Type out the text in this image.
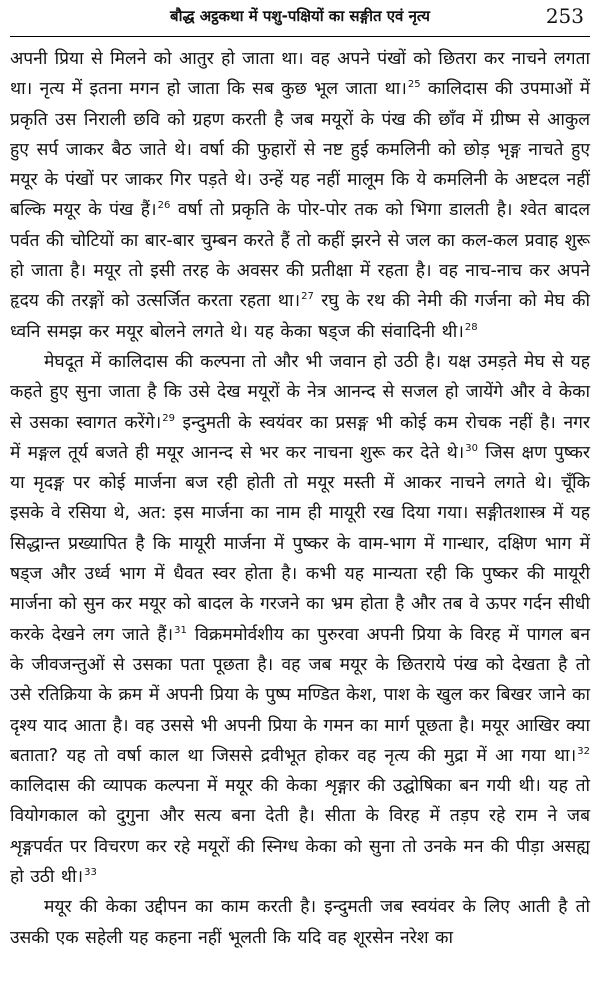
बौद्ध अट्ठकथा में पशु-पक्षियों का सङ्गीत एवं नृत्य	253

अपनी प्रिया से मिलने को आतुर हो जाता था। वह अपने पंखों को छितरा कर नाचने लगता था। नृत्य में इतना मगन हो जाता कि सब कुछ भूल जाता था।$^{25}$ कालिदास की उपमाओं में प्रकृति उस निराली छवि को ग्रहण करती है जब मयूरों के पंख की छाँव में ग्रीष्म से आकुल हुए सर्प जाकर बैठ जाते थे। वर्षा की फुहारों से नष्ट हुई कमलिनी को छोड़ भृङ्ग नाचते हुए मयूर के पंखों पर जाकर गिर पड़ते थे। उन्हें यह नहीं मालूम कि ये कमलिनी के अष्टदल नहीं बल्कि मयूर के पंख हैं।$^{26}$ वर्षा तो प्रकृति के पोर-पोर तक को भिगा डालती है। श्वेत बादल पर्वत की चोटियों का बार-बार चुम्बन करते हैं तो कहीं झरने से जल का कल-कल प्रवाह शुरू हो जाता है। मयूर तो इसी तरह के अवसर की प्रतीक्षा में रहता है। वह नाच-नाच कर अपने हृदय की तरङ्गों को उत्सर्जित करता रहता था।$^{27}$ रघु के रथ की नेमी की गर्जना को मेघ की ध्वनि समझ कर मयूर बोलने लगते थे। यह केका षड्ज की संवादिनी थी।$^{28}$

मेघदूत में कालिदास की कल्पना तो और भी जवान हो उठी है। यक्ष उमड़ते मेघ से यह कहते हुए सुना जाता है कि उसे देख मयूरों के नेत्र आनन्द से सजल हो जायेंगे और वे केका से उसका स्वागत करेंगे।$^{29}$ इन्दुमती के स्वयंवर का प्रसङ्ग भी कोई कम रोचक नहीं है। नगर में मङ्गल तूर्य बजते ही मयूर आनन्द से भर कर नाचना शुरू कर देते थे।$^{30}$ जिस क्षण पुष्कर या मृदङ्ग पर कोई मार्जना बज रही होती तो मयूर मस्ती में आकर नाचने लगते थे। चूँकि इसके वे रसिया थे, अत: इस मार्जना का नाम ही मायूरी रख दिया गया। सङ्गीतशास्त्र में यह सिद्धान्त प्रख्यापित है कि मायूरी मार्जना में पुष्कर के वाम-भाग में गान्धार, दक्षिण भाग में षड्ज और उर्ध्व भाग में धैवत स्वर होता है। कभी यह मान्यता रही कि पुष्कर की मायूरी मार्जना को सुन कर मयूर को बादल के गरजने का भ्रम होता है और तब वे ऊपर गर्दन सीधी करके देखने लग जाते हैं।$^{31}$ विक्रममोर्वशीय का पुरुरवा अपनी प्रिया के विरह में पागल बन के जीवजन्तुओं से उसका पता पूछता है। वह जब मयूर के छितराये पंख को देखता है तो उसे रतिक्रिया के क्रम में अपनी प्रिया के पुष्प मण्डित केश, पाश के खुल कर बिखर जाने का दृश्य याद आता है। वह उससे भी अपनी प्रिया के गमन का मार्ग पूछता है। मयूर आखिर क्या बताता? यह तो वर्षा काल था जिससे द्रवीभूत होकर वह नृत्य की मुद्रा में आ गया था।$^{32}$ कालिदास की व्यापक कल्पना में मयूर की केका शृङ्गार की उद्घोषिका बन गयी थी। यह तो वियोगकाल को दुगुना और सत्य बना देती है। सीता के विरह में तड़प रहे राम ने जब शृङ्गपर्वत पर विचरण कर रहे मयूरों की स्निग्ध केका को सुना तो उनके मन की पीड़ा असह्य हो उठी थी।$^{33}$

मयूर की केका उद्दीपन का काम करती है। इन्दुमती जब स्वयंवर के लिए आती है तो उसकी एक सहेली यह कहना नहीं भूलती कि यदि वह शूरसेन नरेश का
